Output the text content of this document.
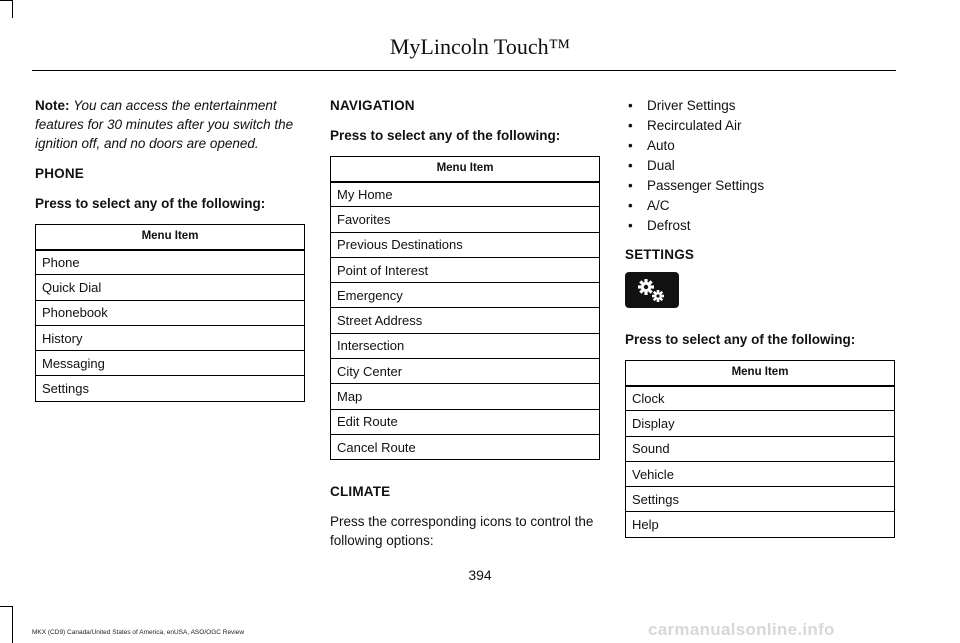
MyLincoln Touch™
Note: You can access the entertainment features for 30 minutes after you switch the ignition off, and no doors are opened.
PHONE
Press to select any of the following:
Menu Item
Phone
Quick Dial
Phonebook
History
Messaging
Settings
NAVIGATION
Press to select any of the following:
Menu Item
My Home
Favorites
Previous Destinations
Point of Interest
Emergency
Street Address
Intersection
City Center
Map
Edit Route
Cancel Route
CLIMATE
Press the corresponding icons to control the following options:
• Driver Settings
• Recirculated Air
• Auto
• Dual
• Passenger Settings
• A/C
• Defrost
SETTINGS
Press to select any of the following:
Menu Item
Clock
Display
Sound
Vehicle
Settings
Help
394
MKX (CD9) Canada/United States of America, enUSA, ASO/OGC Review	carmanualsonline.info
